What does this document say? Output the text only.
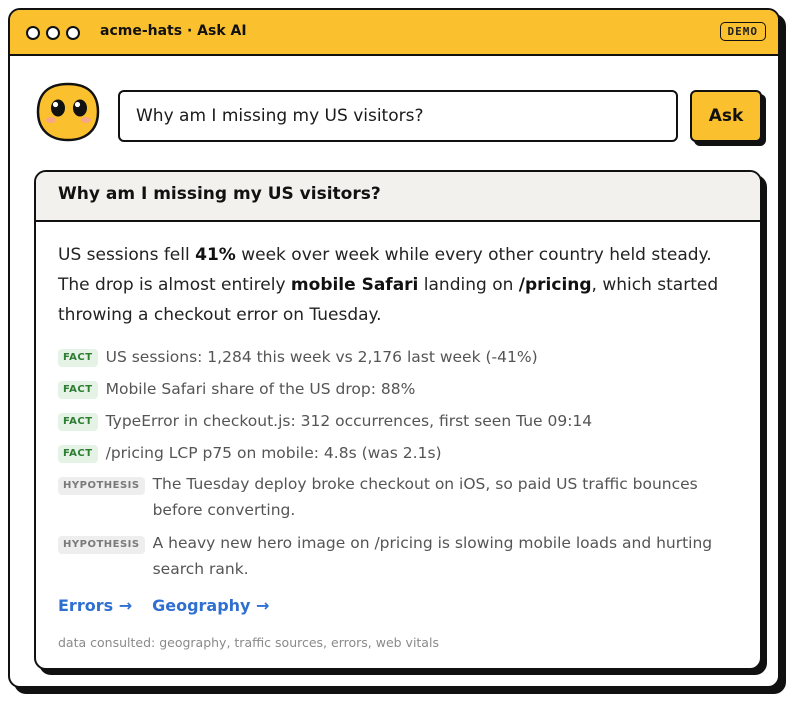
acme-hats · Ask AI	DEMO
Why am I missing my US visitors?
Ask
Why am I missing my US visitors?

US sessions fell 41% week over week while every other country held steady. The drop is almost entirely mobile Safari landing on /pricing, which started throwing a checkout error on Tuesday.

FACT US sessions: 1,284 this week vs 2,176 last week (-41%)
FACT Mobile Safari share of the US drop: 88%
FACT TypeError in checkout.js: 312 occurrences, first seen Tue 09:14
FACT /pricing LCP p75 on mobile: 4.8s (was 2.1s)
HYPOTHESIS The Tuesday deploy broke checkout on iOS, so paid US traffic bounces before converting.
HYPOTHESIS A heavy new hero image on /pricing is slowing mobile loads and hurting search rank.
Errors → Geography →
data consulted: geography, traffic sources, errors, web vitals
